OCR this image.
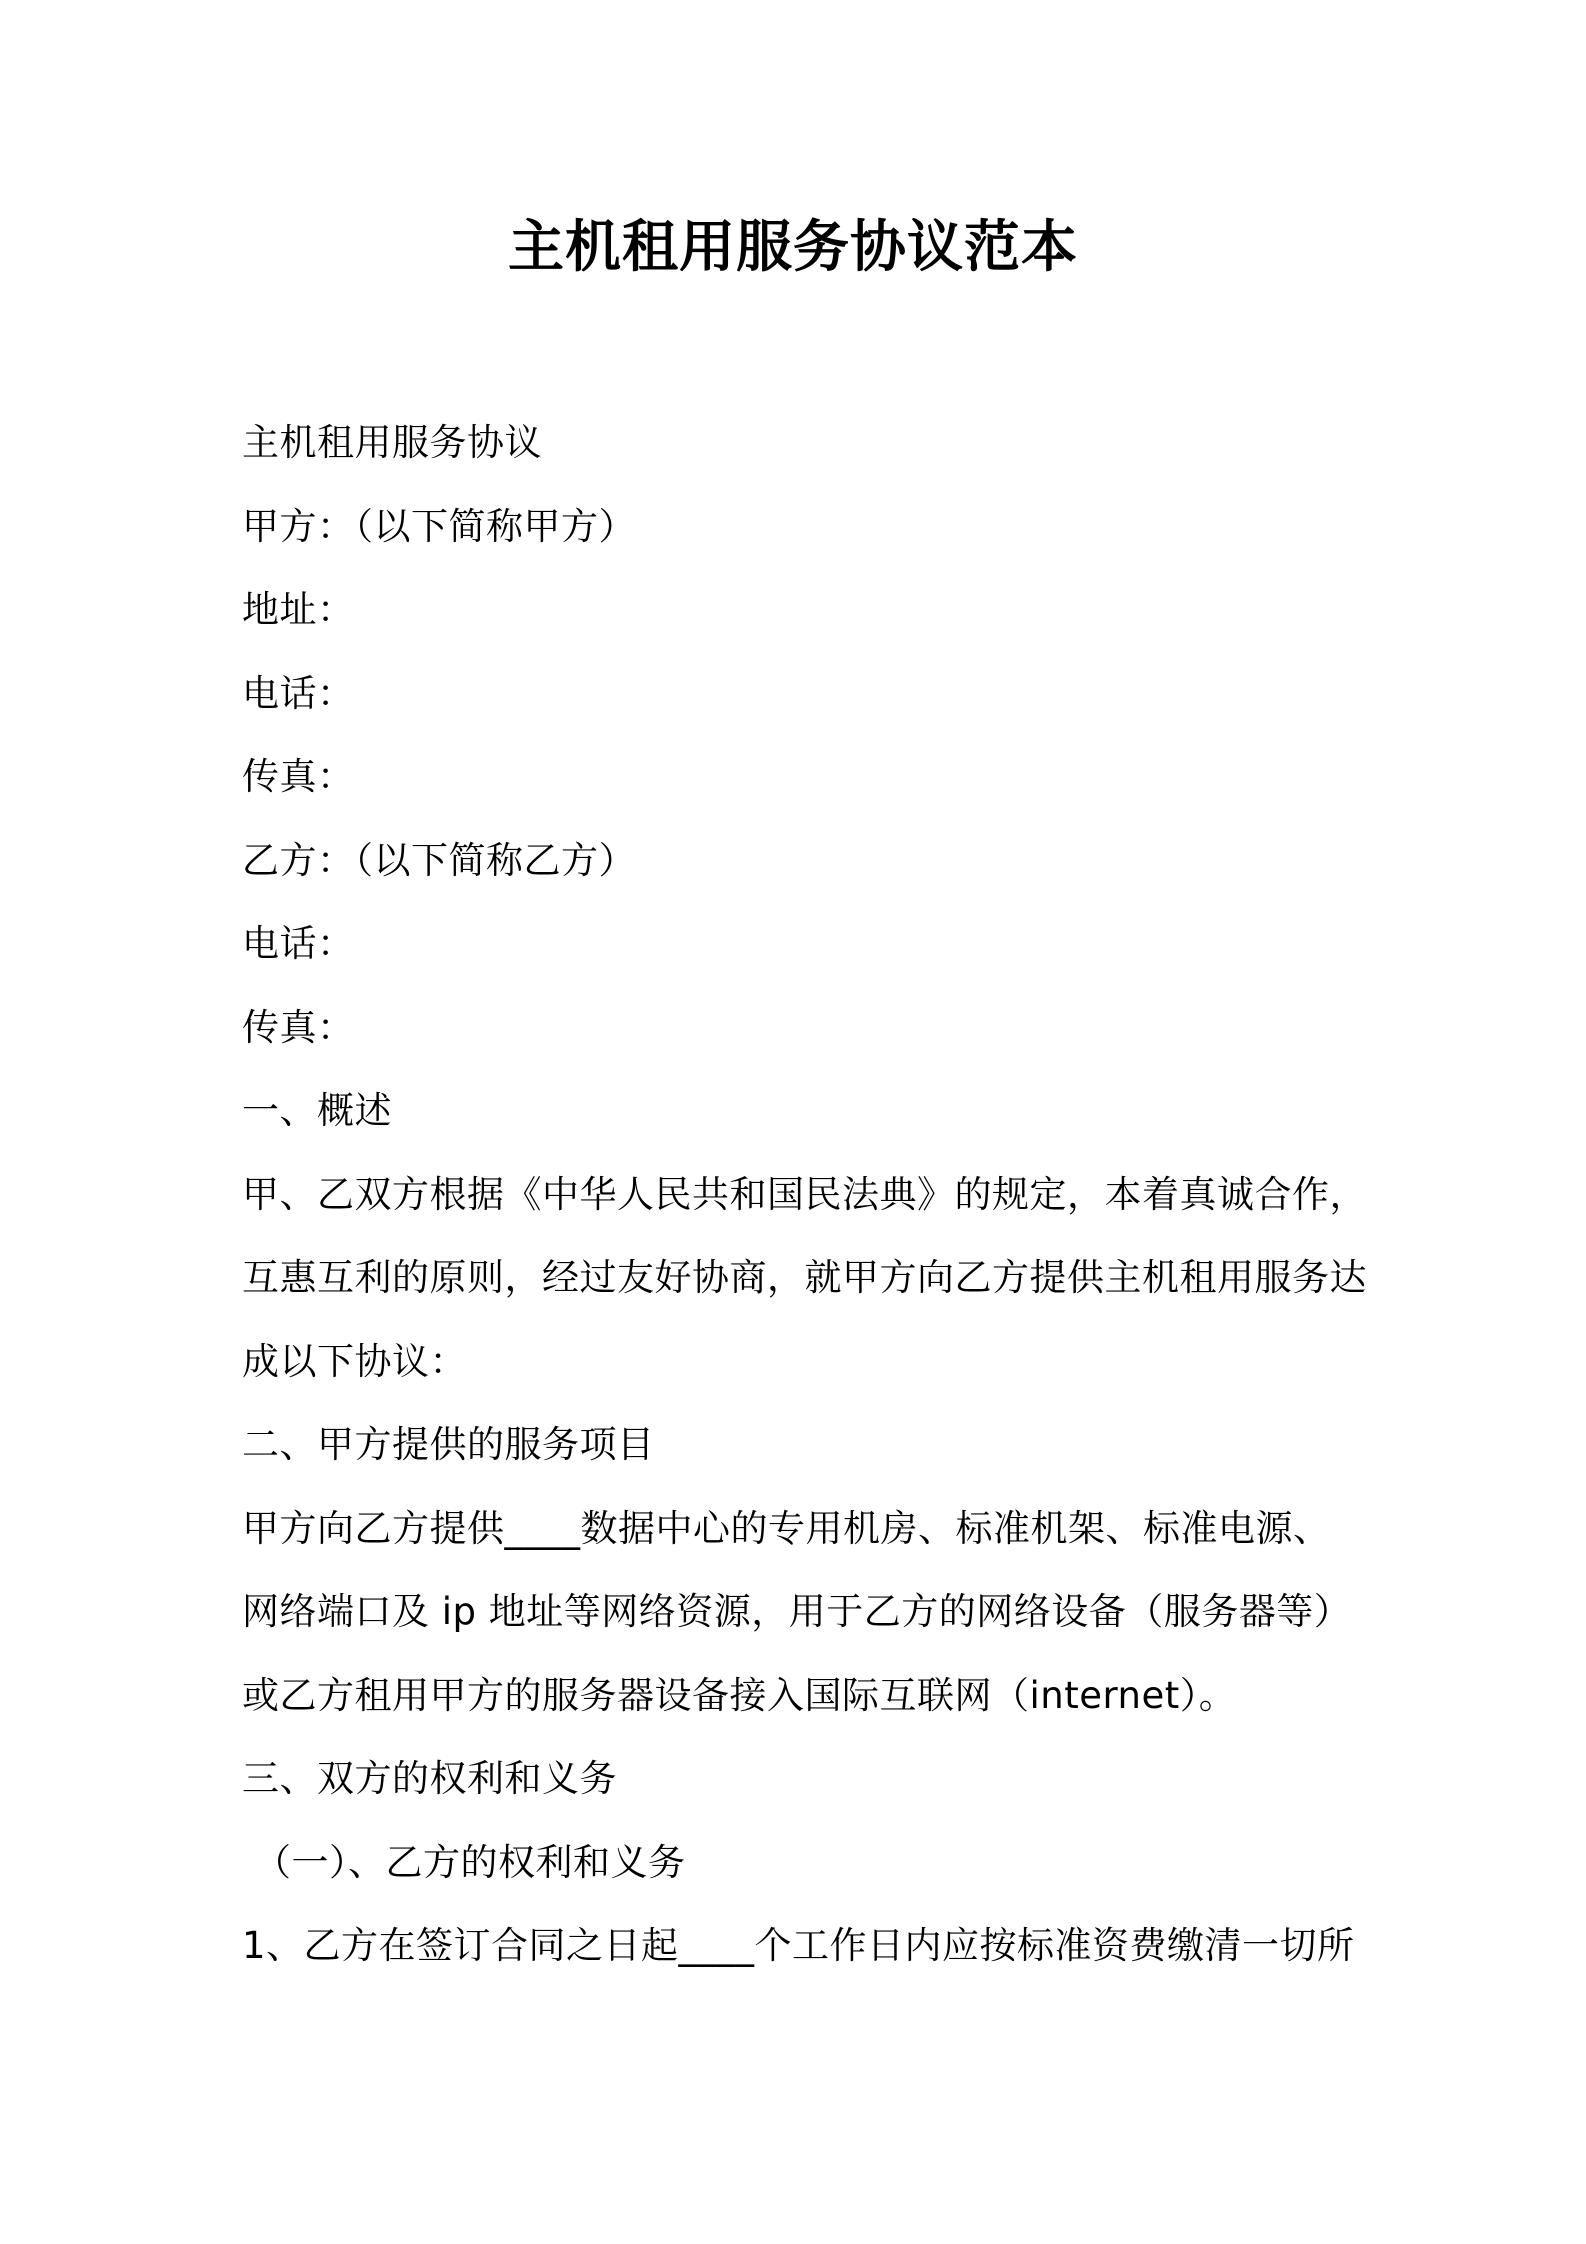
主机租用服务协议范本
主机租用服务协议
甲方：（以下简称甲方）
地址：
电话：
传真：
乙方：（以下简称乙方）
电话：
传真：
一、概述
甲、乙双方根据《中华人民共和国民法典》的规定，本着真诚合作，
互惠互利的原则，经过友好协商，就甲方向乙方提供主机租用服务达
成以下协议：
二、甲方提供的服务项目
甲方向乙方提供____数据中心的专用机房、标准机架、标准电源、
网络端口及 ip 地址等网络资源，用于乙方的网络设备（服务器等）
或乙方租用甲方的服务器设备接入国际互联网（internet）。
三、双方的权利和义务
（一）、乙方的权利和义务
1、乙方在签订合同之日起____个工作日内应按标准资费缴清一切所
